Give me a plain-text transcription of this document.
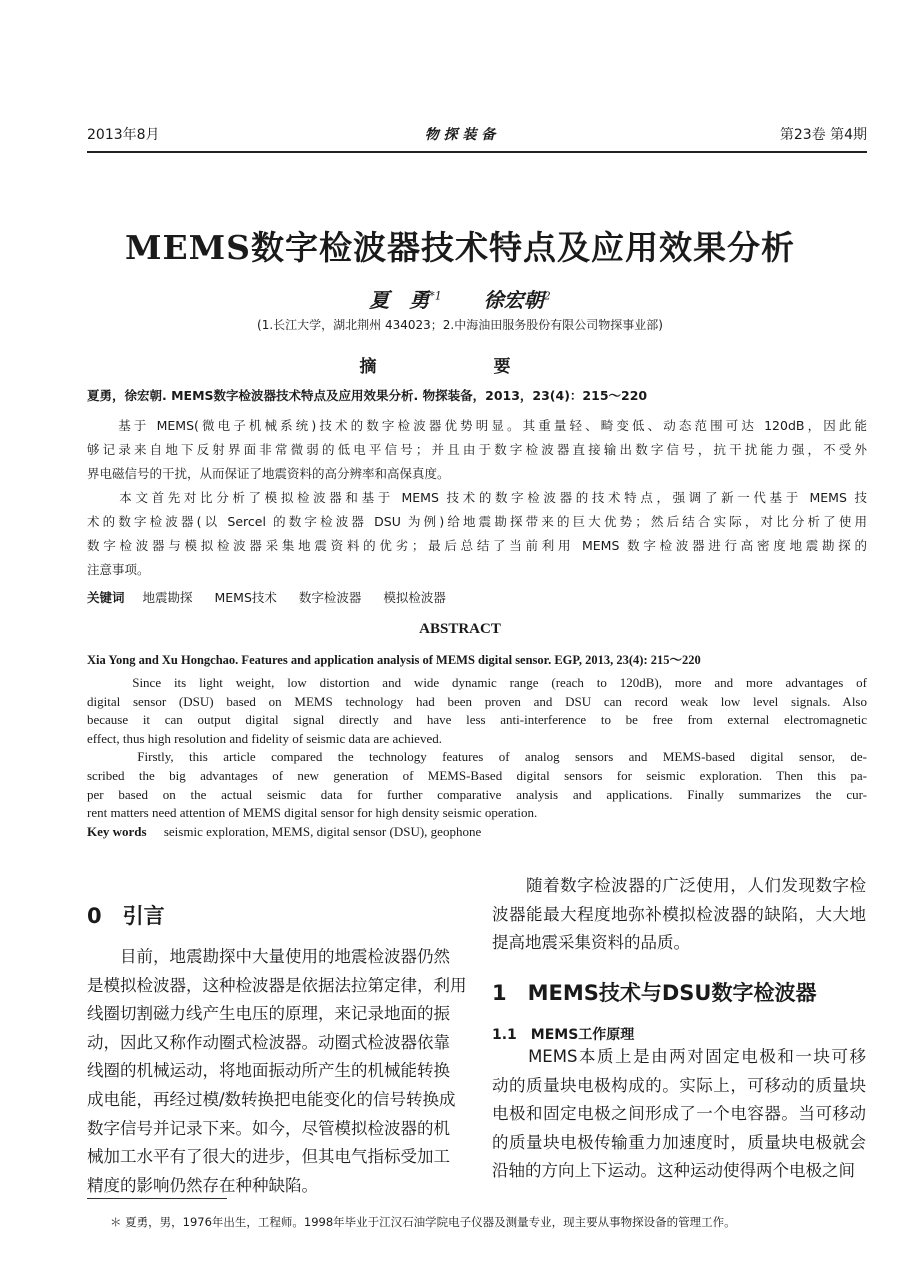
2013年8月	物 探 装 备	第23卷 第4期
MEMS数字检波器技术特点及应用效果分析
夏　勇$^{*1}$ 徐宏朝$^2$
(1.长江大学，湖北荆州 434023；2.中海油田服务股份有限公司物探事业部)
摘　要
夏勇，徐宏朝. MEMS数字检波器技术特点及应用效果分析. 物探装备，2013，23(4)：215～220
　　基于 MEMS(微电子机械系统)技术的数字检波器优势明显。其重量轻、畸变低、动态范围可达 120dB，因此能
够记录来自地下反射界面非常微弱的低电平信号；并且由于数字检波器直接输出数字信号，抗干扰能力强，不受外
界电磁信号的干扰，从而保证了地震资料的高分辨率和高保真度。
　　本文首先对比分析了模拟检波器和基于 MEMS 技术的数字检波器的技术特点，强调了新一代基于 MEMS 技
术的数字检波器(以 Sercel 的数字检波器 DSU 为例)给地震勘探带来的巨大优势；然后结合实际，对比分析了使用
数字检波器与模拟检波器采集地震资料的优劣；最后总结了当前利用 MEMS 数字检波器进行高密度地震勘探的
注意事项。
关键词 地震勘探 MEMS技术 数字检波器 模拟检波器
ABSTRACT
Xia Yong and Xu Hongchao. Features and application analysis of MEMS digital sensor. EGP, 2013, 23(4): 215～220
　　Since its light weight, low distortion and wide dynamic range (reach to 120dB), more and more advantages of
digital sensor (DSU) based on MEMS technology had been proven and DSU can record weak low level signals. Also
because it can output digital signal directly and have less anti-interference to be free from external electromagnetic
effect, thus high resolution and fidelity of seismic data are achieved.
　　Firstly, this article compared the technology features of analog sensors and MEMS-based digital sensor, de-
scribed the big advantages of new generation of MEMS-Based digital sensors for seismic exploration. Then this pa-
per based on the actual seismic data for further comparative analysis and applications. Finally summarizes the cur-
rent matters need attention of MEMS digital sensor for high density seismic operation.
Key words seismic exploration, MEMS, digital sensor (DSU), geophone
0　引言
　　目前，地震勘探中大量使用的地震检波器仍然
是模拟检波器，这种检波器是依据法拉第定律，利用
线圈切割磁力线产生电压的原理，来记录地面的振
动，因此又称作动圈式检波器。动圈式检波器依靠
线圈的机械运动，将地面振动所产生的机械能转换
成电能，再经过模/数转换把电能变化的信号转换成
数字信号并记录下来。如今，尽管模拟检波器的机
械加工水平有了很大的进步，但其电气指标受加工
精度的影响仍然存在种种缺陷。
　　随着数字检波器的广泛使用，人们发现数字检
波器能最大程度地弥补模拟检波器的缺陷，大大地
提高地震采集资料的品质。
1　MEMS技术与DSU数字检波器
1.1　MEMS工作原理
　　MEMS本质上是由两对固定电极和一块可移
动的质量块电极构成的。实际上，可移动的质量块
电极和固定电极之间形成了一个电容器。当可移动
的质量块电极传输重力加速度时，质量块电极就会
沿轴的方向上下运动。这种运动使得两个电极之间
＊ 夏勇，男，1976年出生，工程师。1998年毕业于江汉石油学院电子仪器及测量专业，现主要从事物探设备的管理工作。
